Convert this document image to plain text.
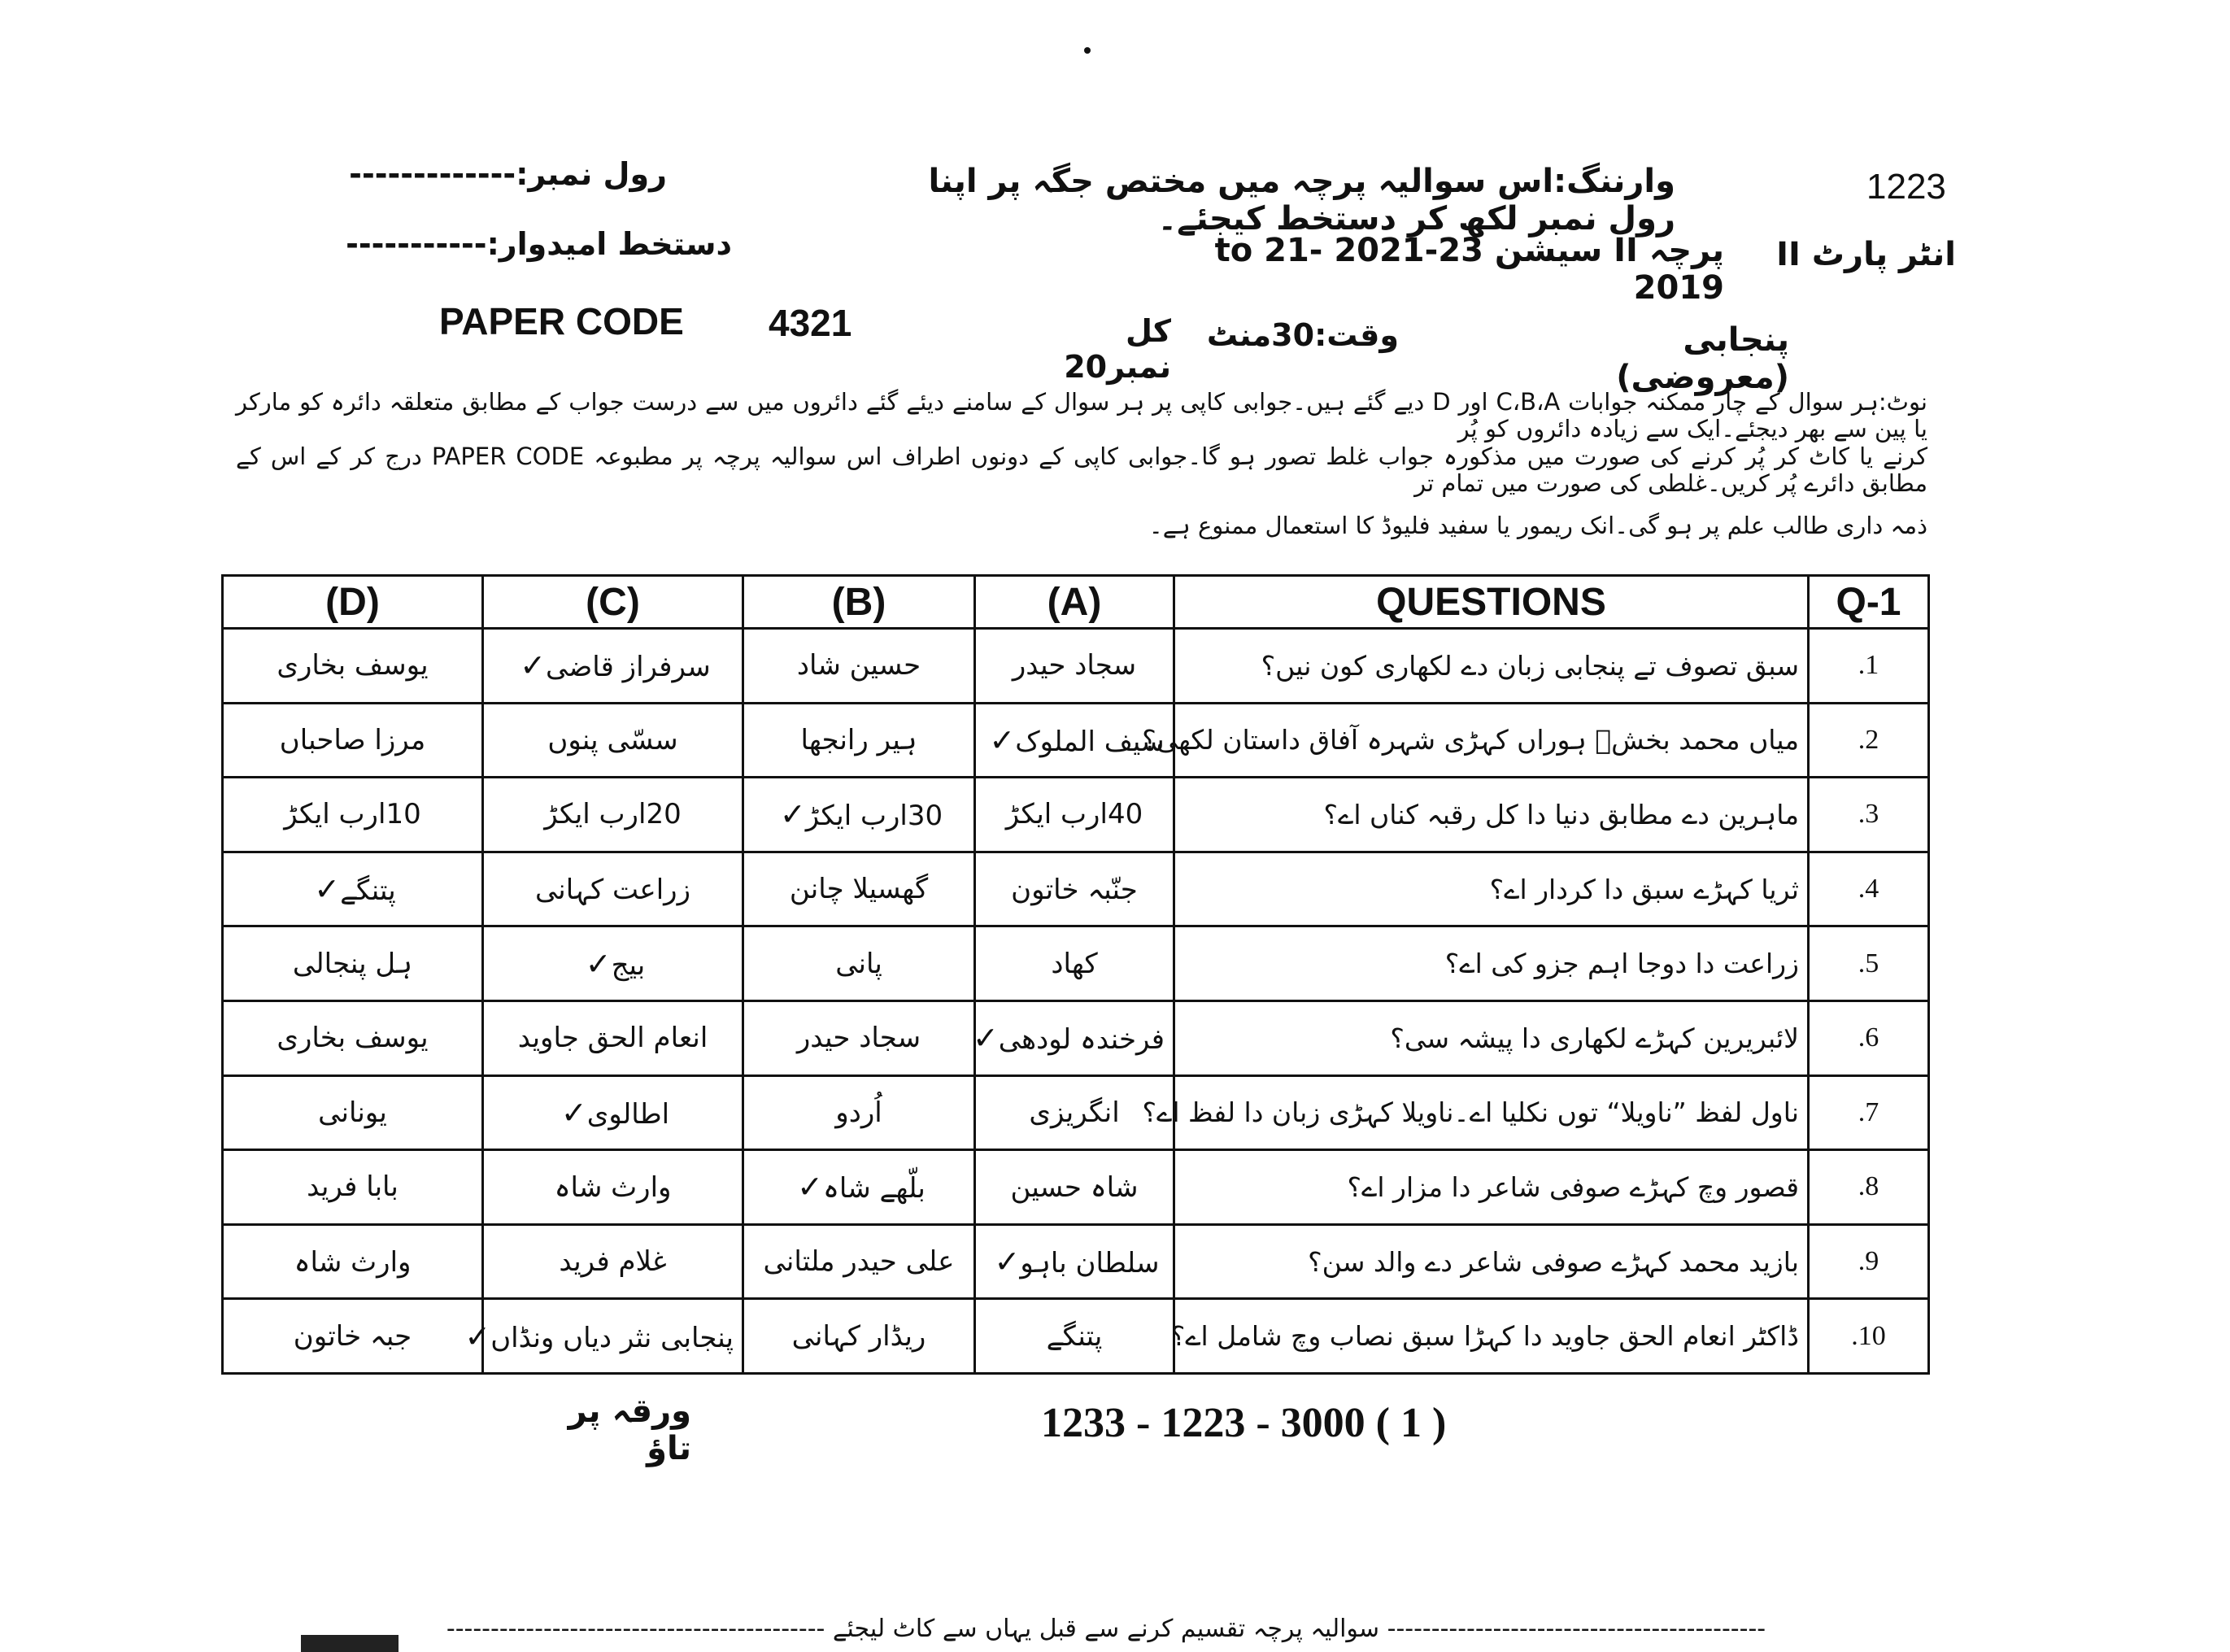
1223
وارننگ:اس سوالیہ پرچہ میں مختص جگہ پر اپنا رول نمبر لکھ کر دستخط کیجئے۔
رول نمبر:-------------
دستخط امیدوار:-----------	انٹر پارٹ II
پرچہ II سیشن 23-2021 to 21- 2019
PAPER CODE 4321	کل نمبر20
وقت:30منٹ	پنجابی (معروضی)
نوٹ:ہر سوال کے چار ممکنہ جوابات C،B،A اور D دیے گئے ہیں۔جوابی کاپی پر ہر سوال کے سامنے دیئے گئے دائروں میں سے درست جواب کے مطابق متعلقہ دائرہ کو مارکر یا پین سے بھر دیجئے۔ایک سے زیادہ دائروں کو پُر
کرنے یا کاٹ کر پُر کرنے کی صورت میں مذکورہ جواب غلط تصور ہو گا۔جوابی کاپی کے دونوں اطراف اس سوالیہ پرچہ پر مطبوعہ PAPER CODE درج کر کے اس کے مطابق دائرے پُر کریں۔غلطی کی صورت میں تمام تر
ذمہ داری طالب علم پر ہو گی۔انک ریمور یا سفید فلیوڈ کا استعمال ممنوع ہے۔
(D)	(C)	(B)	(A)	QUESTIONS	Q-1
یوسف بخاری	سرفراز قاضی✓	حسین شاد	سجاد حیدر	سبق تصوف تے پنجابی زبان دے لکھاری کون نیں؟	.1
مرزا صاحباں	سسّی پنوں	ہیر رانجھا	سیف الملوک✓	میاں محمد بخشؒ ہوراں کہڑی شہرہ آفاق داستان لکھی؟	.2
10ارب ایکڑ	20ارب ایکڑ	30ارب ایکڑ✓	40ارب ایکڑ	ماہرین دے مطابق دنیا دا کل رقبہ کناں اے؟	.3
پتنگے✓	زراعت کہانی	گھسیلا چانن	جنّبہ خاتون	ثریا کہڑے سبق دا کردار اے؟	.4
ہل پنجالی	بیج✓	پانی	کھاد	زراعت دا دوجا اہم جزو کی اے؟	.5
یوسف بخاری	انعام الحق جاوید	سجاد حیدر	فرخندہ لودھی✓	لائبریرین کہڑے لکھاری دا پیشہ سی؟	.6
یونانی	اطالوی✓	اُردو	انگریزی	ناول لفظ ”ناویلا“ توں نکلیا اے۔ناویلا کہڑی زبان دا لفظ اے؟	.7
بابا فرید	وارث شاہ	بلّھے شاہ✓	شاہ حسین	قصور وچ کہڑے صوفی شاعر دا مزار اے؟	.8
وارث شاہ	غلام فرید	علی حیدر ملتانی	سلطان باہو✓	بازید محمد کہڑے صوفی شاعر دے والد سن؟	.9
جبہ خاتون	پنجابی نثر دیاں ونڈاں✓	ریڈار کہانی	پتنگے	ڈاکٹر انعام الحق جاوید دا کہڑا سبق نصاب وچ شامل اے؟	.10
ورقہ پر تاؤ
1233 - 1223 - 3000 ( 1 )
------------------------------------------- سوالیہ پرچہ تقسیم کرنے سے قبل یہاں سے کاٹ لیجئے -------------------------------------------
